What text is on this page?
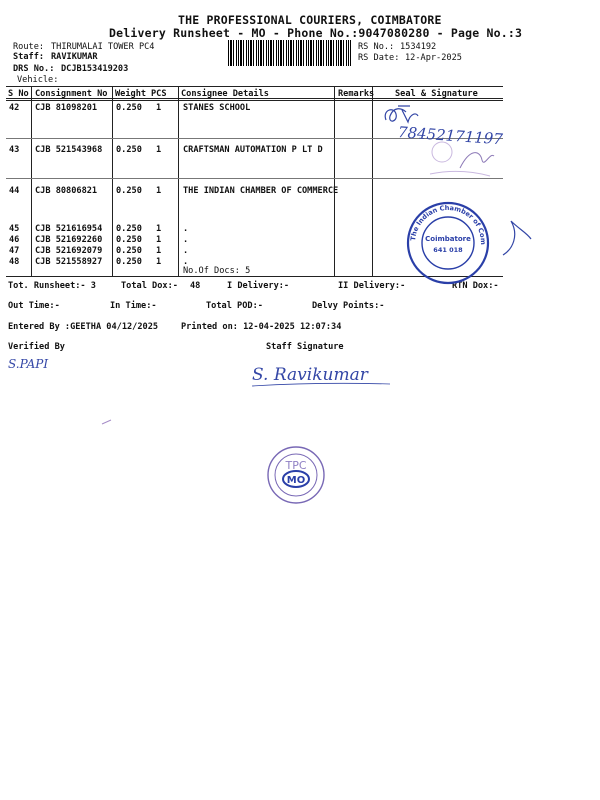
THE PROFESSIONAL COURIERS, COIMBATORE
Delivery Runsheet - MO - Phone No.:9047080280 - Page No.:3
Route: THIRUMALAI TOWER PC4
Staff: RAVIKUMAR
DRS No.: DCJB153419203
Vehicle:
RS No.: 1534192
RS Date: 12-Apr-2025
S No Consignment No Weight PCS Consignee Details	Remarks Seal & Signature
42 CJB 81098201 0.250 1	STANES SCHOOL
43 CJB 521543968 0.250 1	CRAFTSMAN AUTOMATION P LT D
44 CJB 80806821 0.250 1	THE INDIAN CHAMBER OF COMMERCE
45 CJB 521616954 0.250 1	.
46 CJB 521692260 0.250 1	.
47 CJB 521692079 0.250 1	.
48 CJB 521558927 0.250 1	.
No.Of Docs: 5
Tot. Runsheet:- 3	Total Dox:- 48	I Delivery:-	II Delivery:-	RTN Dox:-
Out Time:-	In Time:-	Total POD:-	Delvy Points:-
Entered By :GEETHA 04/12/2025	Printed on: 12-04-2025 12:07:34
Verified By	Staff Signature
78452171197
The Indian Chamber of Commerce and Industry
Coimbatore
641 018
S.PAPI
S. Ravikumar
TPC
MO
